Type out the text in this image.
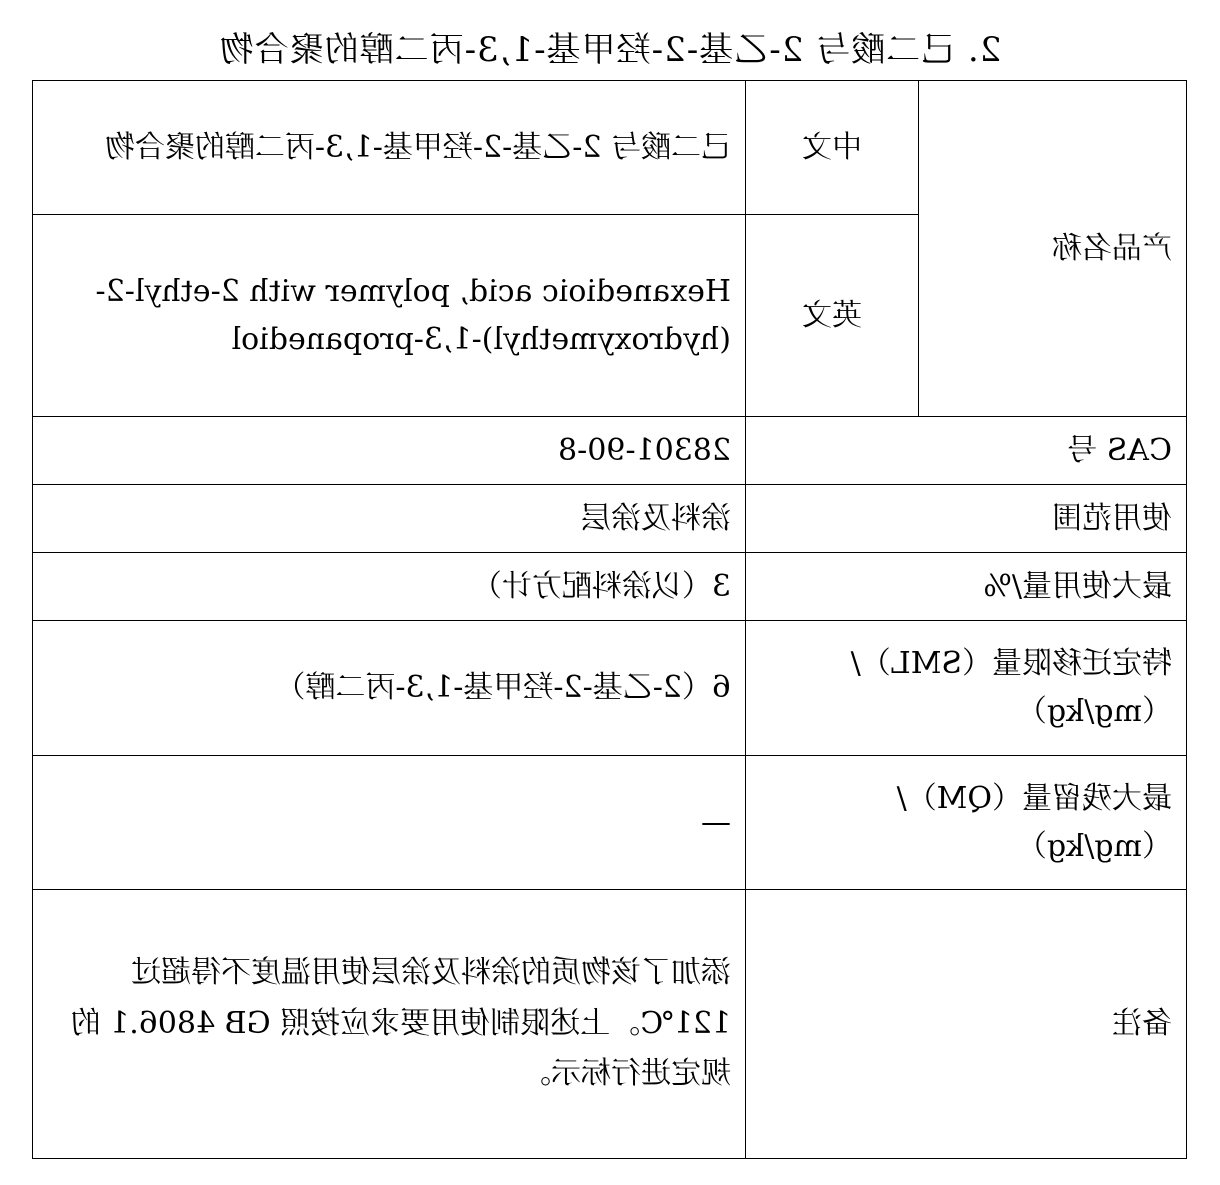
2. 己二酸与 2-乙基-2-羟甲基-1,3-丙二醇的聚合物
产品名称	中文	己二酸与 2-乙基-2-羟甲基-1,3-丙二醇的聚合物
	英文	Hexanedioic acid, polymer with 2-ethyl-2-(hydroxymethyl)-1,3-propanediol
CAS 号		28301-90-8
使用范围		涂料及涂层
最大使用量/%		3（以涂料配方计）
特定迁移限量（SML）/（mg/kg）		6（2-乙基-2-羟甲基-1,3-丙二醇）
最大残留量（QM）/（mg/kg）		—
备注		添加了该物质的涂料及涂层使用温度不得超过 121℃。上述限制使用要求应按照 GB 4806.1 的规定进行标示。
